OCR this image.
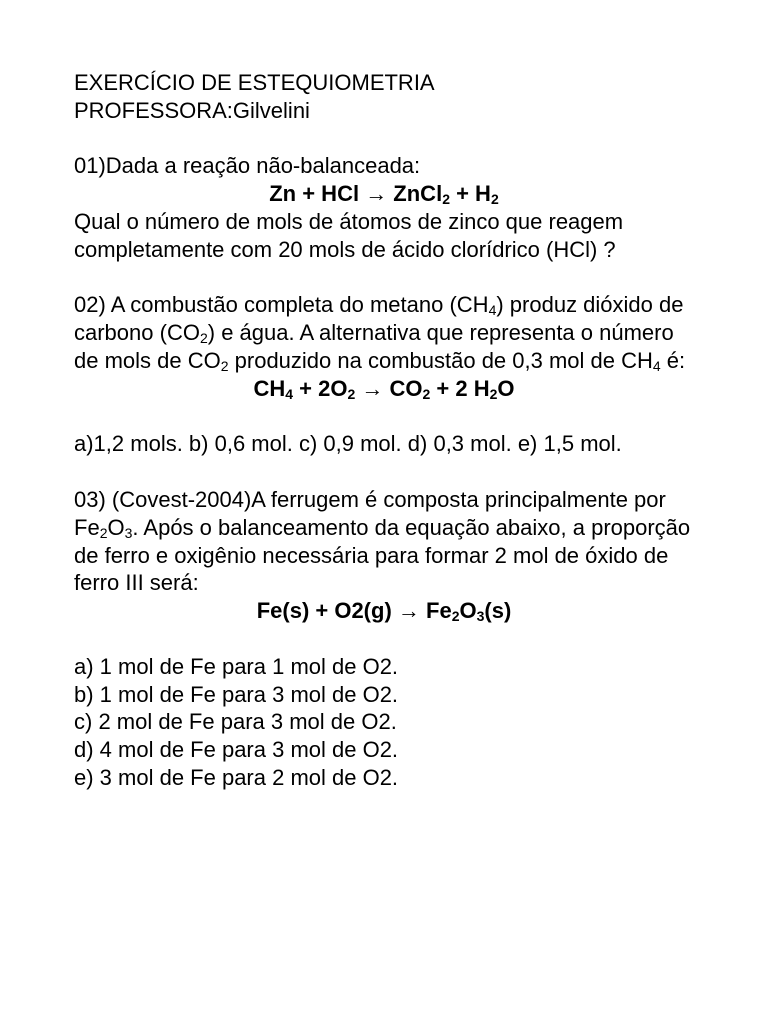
EXERCÍCIO DE ESTEQUIOMETRIA
PROFESSORA:Gilvelini
01)Dada a reação não-balanceada:
Zn + HCl → ZnCl$_2$ + $H_2$
Qual o número de mols de átomos de zinco que reagem completamente com 20 mols de ácido clorídrico (HCl) ?
02) A combustão completa do metano $(CH_4)$ produz dióxido de carbono $(CO_2)$ e água. A alternativa que representa o número de mols de $CO_2$ produzido na combustão de 0,3 mol de $CH_4$ é:
$CH_4 + 2O_2 \to CO_2 + 2$ $H_2O$
a)1,2 mols. b) 0,6 mol. c) 0,9 mol. d) 0,3 mol. e) 1,5 mol.
03) (Covest-2004)A ferrugem é composta principalmente por $Fe_2O_3$. Após o balanceamento da equação abaixo, a proporção de ferro e oxigênio necessária para formar 2 mol de óxido de ferro III será:
$Fe(s) + O2(g) \to Fe_2O_3(s)$
a) 1 mol de Fe para 1 mol de O2.
b) 1 mol de Fe para 3 mol de O2.
c) 2 mol de Fe para 3 mol de O2.
d) 4 mol de Fe para 3 mol de O2.
e) 3 mol de Fe para 2 mol de O2.
